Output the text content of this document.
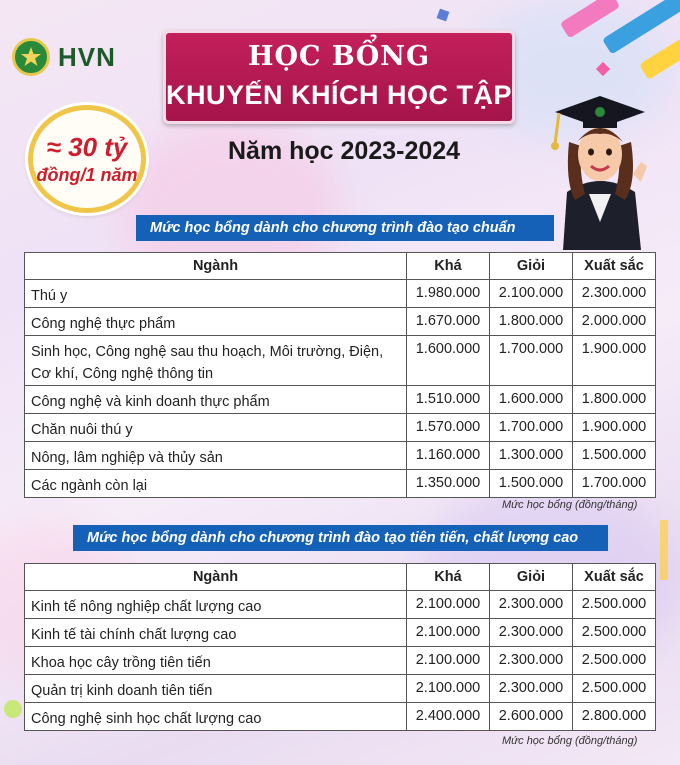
HVN	HỌC BỔNG
KHUYẾN KHÍCH HỌC TẬP
Năm học 2023-2024
≈ 30 tỷ
đồng/1 năm
Mức học bổng dành cho chương trình đào tạo chuẩn
Ngành	Khá	Giỏi	Xuất sắc
Thú y	1.980.000	2.100.000	2.300.000
Công nghệ thực phẩm	1.670.000	1.800.000	2.000.000
Sinh học, Công nghệ sau thu hoạch, Môi trường, Điện, Cơ khí, Công nghệ thông tin	1.600.000	1.700.000	1.900.000
Công nghệ và kinh doanh thực phẩm	1.510.000	1.600.000	1.800.000
Chăn nuôi thú y	1.570.000	1.700.000	1.900.000
Nông, lâm nghiệp và thủy sản	1.160.000	1.300.000	1.500.000
Các ngành còn lại	1.350.000	1.500.000	1.700.000
Mức học bổng (đồng/tháng)
Mức học bổng dành cho chương trình đào tạo tiên tiến, chất lượng cao
Ngành	Khá	Giỏi	Xuất sắc
Kinh tế nông nghiệp chất lượng cao	2.100.000	2.300.000	2.500.000
Kinh tế tài chính chất lượng cao	2.100.000	2.300.000	2.500.000
Khoa học cây trồng tiên tiến	2.100.000	2.300.000	2.500.000
Quản trị kinh doanh tiên tiến	2.100.000	2.300.000	2.500.000
Công nghệ sinh học chất lượng cao	2.400.000	2.600.000	2.800.000
Mức học bổng (đồng/tháng)
